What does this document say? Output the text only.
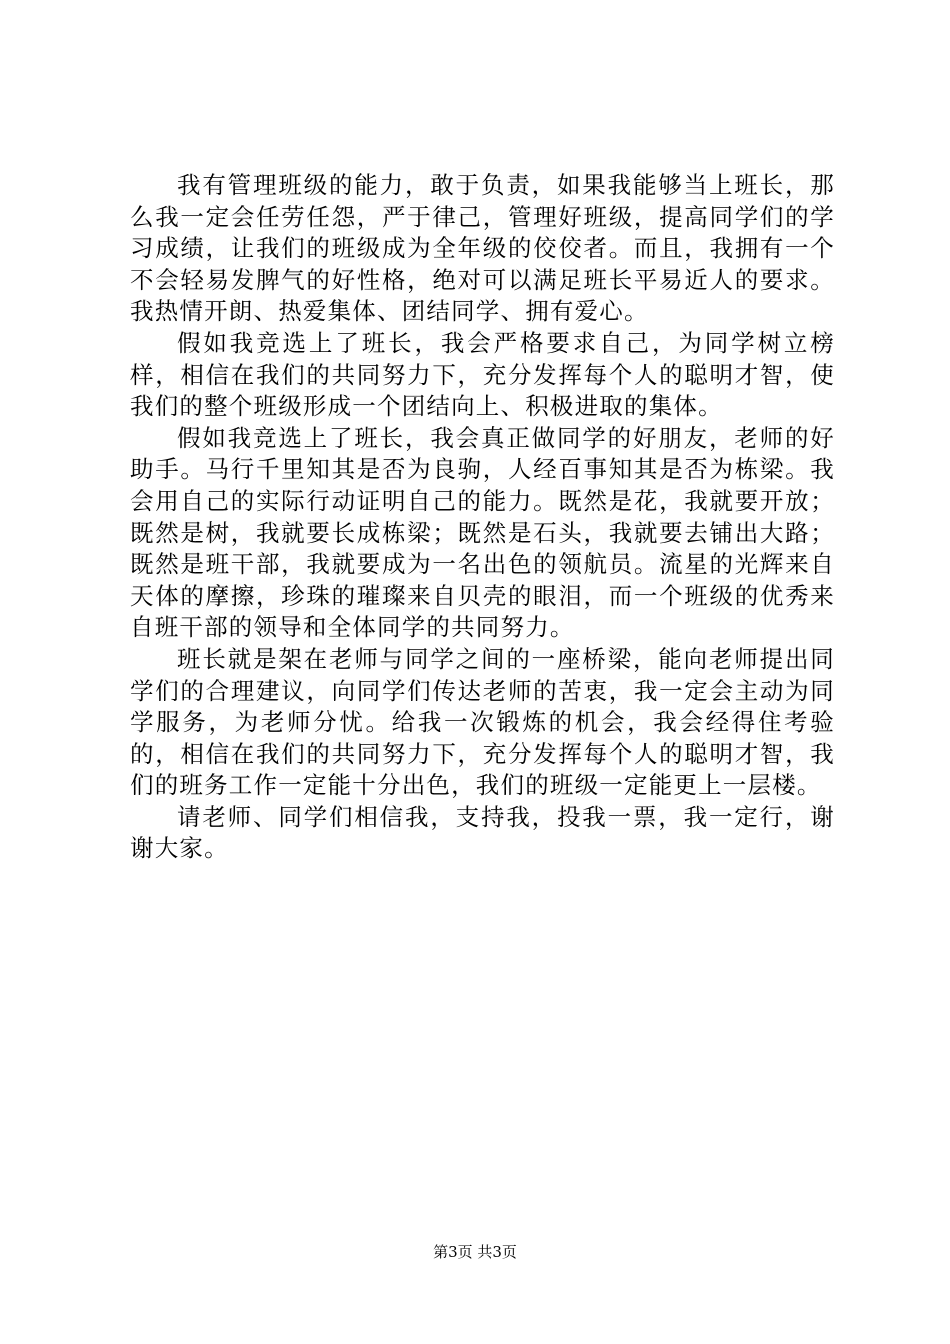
我有管理班级的能力，敢于负责，如果我能够当上班长，那么我一定会任劳任怨，严于律己，管理好班级，提高同学们的学习成绩，让我们的班级成为全年级的佼佼者。而且，我拥有一个不会轻易发脾气的好性格，绝对可以满足班长平易近人的要求。我热情开朗、热爱集体、团结同学、拥有爱心。

假如我竞选上了班长，我会严格要求自己，为同学树立榜样，相信在我们的共同努力下，充分发挥每个人的聪明才智，使我们的整个班级形成一个团结向上、积极进取的集体。

假如我竞选上了班长，我会真正做同学的好朋友，老师的好助手。马行千里知其是否为良驹，人经百事知其是否为栋梁。我会用自己的实际行动证明自己的能力。既然是花，我就要开放；既然是树，我就要长成栋梁；既然是石头，我就要去铺出大路；既然是班干部，我就要成为一名出色的领航员。流星的光辉来自天体的摩擦，珍珠的璀璨来自贝壳的眼泪，而一个班级的优秀来自班干部的领导和全体同学的共同努力。

班长就是架在老师与同学之间的一座桥梁，能向老师提出同学们的合理建议，向同学们传达老师的苦衷，我一定会主动为同学服务，为老师分忧。给我一次锻炼的机会，我会经得住考验的，相信在我们的共同努力下，充分发挥每个人的聪明才智，我们的班务工作一定能十分出色，我们的班级一定能更上一层楼。

请老师、同学们相信我，支持我，投我一票，我一定行，谢谢大家。

第3页 共3页
